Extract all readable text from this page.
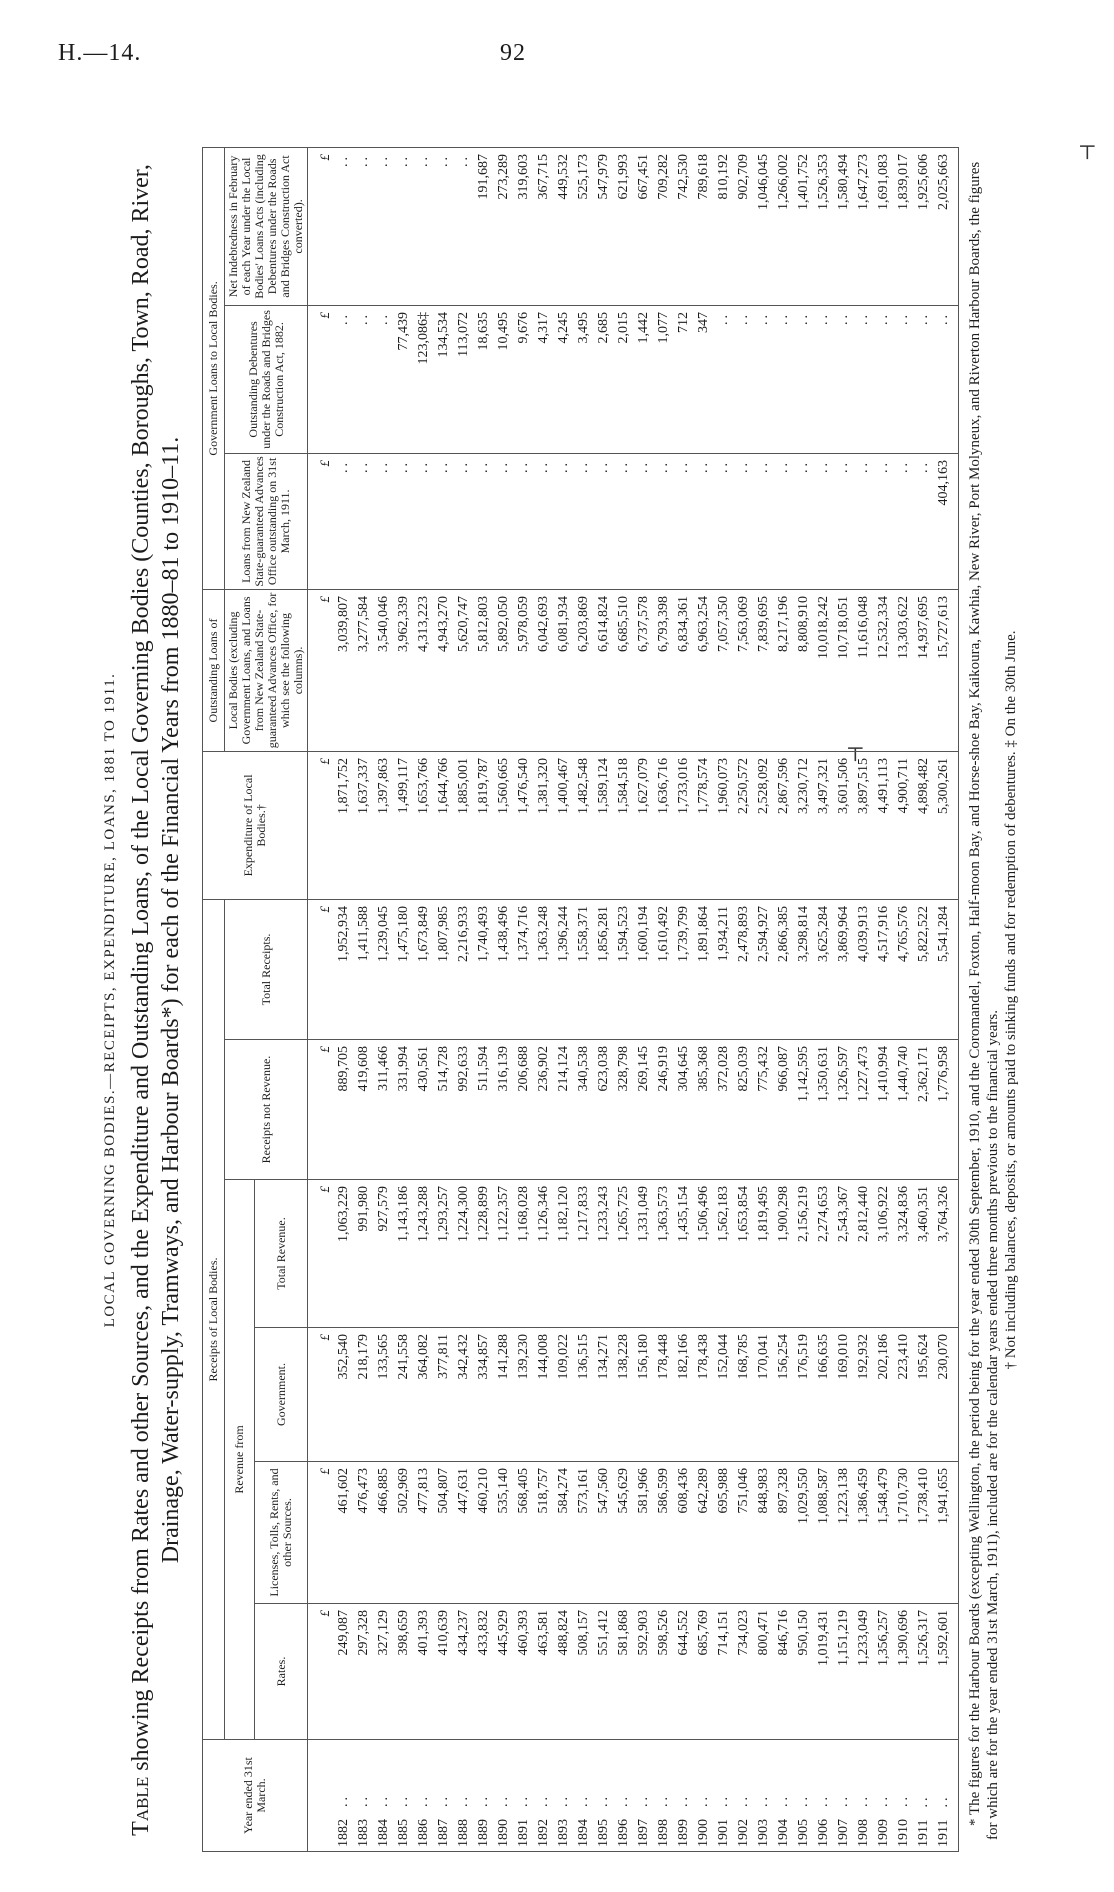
H.—14.	92
⊤
⊤
LOCAL GOVERNING BODIES.—RECEIPTS, EXPENDITURE, LOANS, 1881 TO 1911.
Table showing Receipts from Rates and other Sources, and the Expenditure and Outstanding Loans, of the Local Governing Bodies (Counties, Boroughs, Town, Road, River, Drainage, Water-supply, Tramways, and Harbour Boards*) for each of the Financial Years from 1880–81 to 1910–11.
Year ended 31st March.	Receipts of Local Bodies.						Expenditure of Local Bodies.†	Outstanding Loans of	Government Loans to Local Bodies.		
	Revenue from				Receipts not Revenue.	Total Receipts.		Local Bodies (excluding Government Loans, and Loans from New Zealand State-guaranteed Advances Office, for which see the following columns).	Loans from New Zealand State-guaranteed Advances Office outstanding on 31st March, 1911.	Outstanding Debentures under the Roads and Bridges Construction Act, 1882.	Net Indebtedness in February of each Year under the Local Bodies' Loans Acts (including Debentures under the Roads and Bridges Construction Act converted).
	Rates.	Licenses, Tolls, Rents, and other Sources.	Government.	Total Revenue.							
	£	£	£	£	£	£	£	£	£	£	£
1882..	249,087	461,602	352,540	1,063,229	889,705	1,952,934	1,871,752	3,039,807	..	..	..
1883..	297,328	476,473	218,179	991,980	419,608	1,411,588	1,637,337	3,277,584	..	..	..
1884..	327,129	466,885	133,565	927,579	311,466	1,239,045	1,397,863	3,540,046	..	..	..
1885..	398,659	502,969	241,558	1,143,186	331,994	1,475,180	1,499,117	3,962,339	..	77,439	..
1886..	401,393	477,813	364,082	1,243,288	430,561	1,673,849	1,653,766	4,313,223	..	123,086‡	..
1887..	410,639	504,807	377,811	1,293,257	514,728	1,807,985	1,644,766	4,943,270	..	134,534	..
1888..	434,237	447,631	342,432	1,224,300	992,633	2,216,933	1,885,001	5,620,747	..	113,072	..
1889..	433,832	460,210	334,857	1,228,899	511,594	1,740,493	1,819,787	5,812,803	..	18,635	191,687
1890..	445,929	535,140	141,288	1,122,357	316,139	1,438,496	1,560,665	5,892,050	..	10,495	273,289
1891..	460,393	568,405	139,230	1,168,028	206,688	1,374,716	1,476,540	5,978,059	..	9,676	319,603
1892..	463,581	518,757	144,008	1,126,346	236,902	1,363,248	1,381,320	6,042,693	..	4,317	367,715
1893..	488,824	584,274	109,022	1,182,120	214,124	1,396,244	1,400,467	6,081,934	..	4,245	449,532
1894..	508,157	573,161	136,515	1,217,833	340,538	1,558,371	1,482,548	6,203,869	..	3,495	525,173
1895..	551,412	547,560	134,271	1,233,243	623,038	1,856,281	1,589,124	6,614,824	..	2,685	547,979
1896..	581,868	545,629	138,228	1,265,725	328,798	1,594,523	1,584,518	6,685,510	..	2,015	621,993
1897..	592,903	581,966	156,180	1,331,049	269,145	1,600,194	1,627,079	6,737,578	..	1,442	667,451
1898..	598,526	586,599	178,448	1,363,573	246,919	1,610,492	1,636,716	6,793,398	..	1,077	709,282
1899..	644,552	608,436	182,166	1,435,154	304,645	1,739,799	1,733,016	6,834,361	..	712	742,530
1900..	685,769	642,289	178,438	1,506,496	385,368	1,891,864	1,778,574	6,963,254	..	347	789,618
1901..	714,151	695,988	152,044	1,562,183	372,028	1,934,211	1,960,073	7,057,350	..	..	810,192
1902..	734,023	751,046	168,785	1,653,854	825,039	2,478,893	2,250,572	7,563,069	..	..	902,709
1903..	800,471	848,983	170,041	1,819,495	775,432	2,594,927	2,528,092	7,839,695	..	..	1,046,045
1904..	846,716	897,328	156,254	1,900,298	966,087	2,866,385	2,867,596	8,217,196	..	..	1,266,002
1905..	950,150	1,029,550	176,519	2,156,219	1,142,595	3,298,814	3,230,712	8,808,910	..	..	1,401,752
1906..	1,019,431	1,088,587	166,635	2,274,653	1,350,631	3,625,284	3,497,321	10,018,242	..	..	1,526,353
1907..	1,151,219	1,223,138	169,010	2,543,367	1,326,597	3,869,964	3,601,506	10,718,051	..	..	1,580,494
1908..	1,233,049	1,386,459	192,932	2,812,440	1,227,473	4,039,913	3,897,515	11,616,048	..	..	1,647,273
1909..	1,356,257	1,548,479	202,186	3,106,922	1,410,994	4,517,916	4,491,113	12,532,334	..	..	1,691,083
1910..	1,390,696	1,710,730	223,410	3,324,836	1,440,740	4,765,576	4,900,711	13,303,622	..	..	1,839,017
1911..	1,526,317	1,738,410	195,624	3,460,351	2,362,171	5,822,522	4,898,482	14,937,695	..	..	1,925,606
1911..	1,592,601	1,941,655	230,070	3,764,326	1,776,958	5,541,284	5,300,261	15,727,613	404,163	..	2,025,663 * The figures for the Harbour Boards (excepting Wellington, the period being for the year ended 30th September, 1910, and the Coromandel, Foxton, Half-moon Bay, and Horse-shoe Bay, Kaikoura, Kawhia, New River, Port Molyneux, and Riverton Harbour Boards, the figures for which are for the year ended 31st March, 1911), included are for the calendar years ended three months previous to the financial years.

† Not including balances, deposits, or amounts paid to sinking funds and for redemption of debentures. ‡ On the 30th June.
